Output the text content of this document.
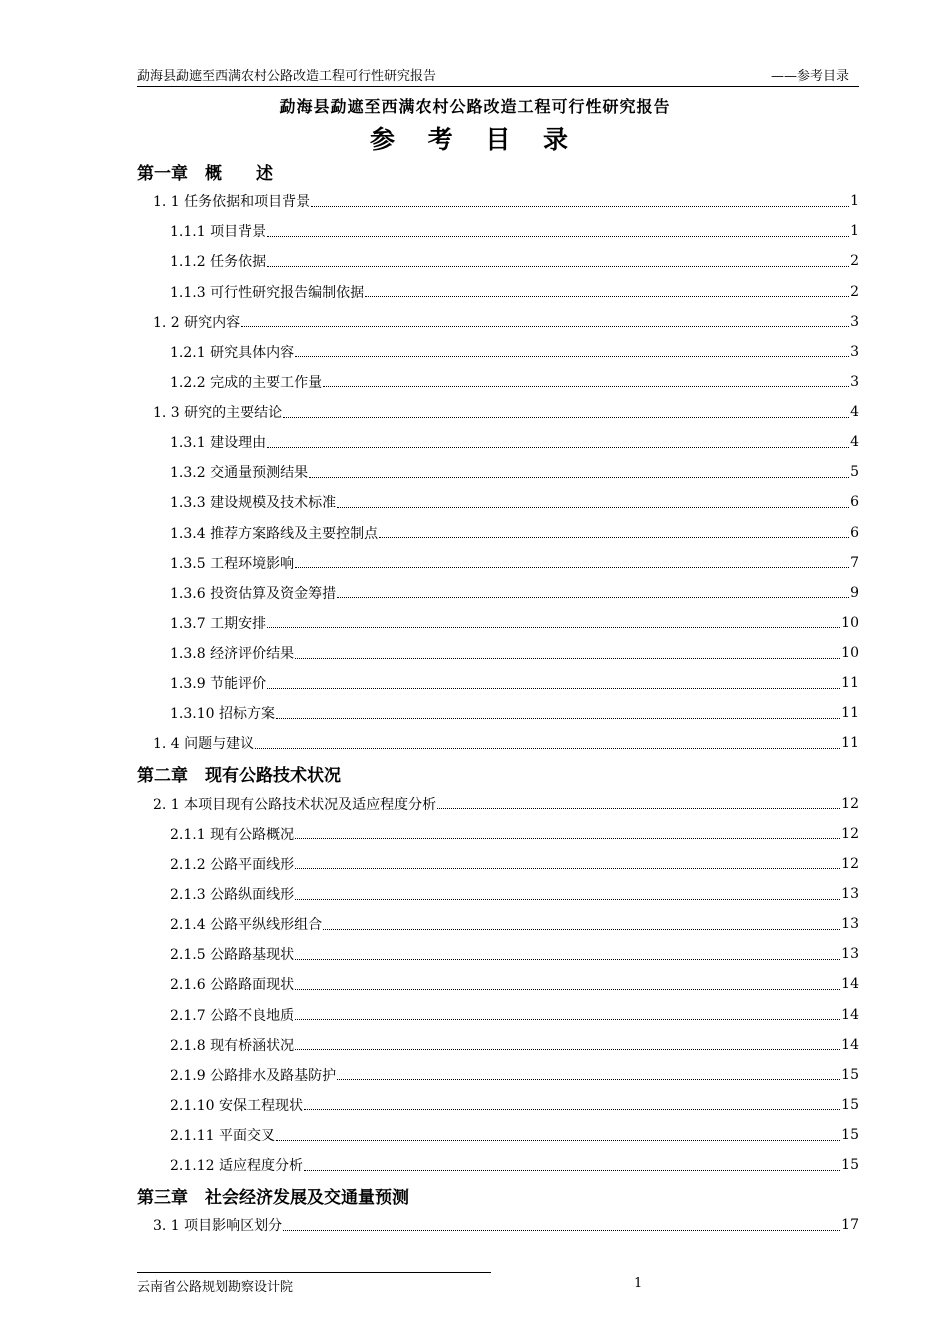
勐海县勐遮至西满农村公路改造工程可行性研究报告	——参考目录
勐海县勐遮至西满农村公路改造工程可行性研究报告
参 考 目 录
第一章　概　　述
1. 1 任务依据和项目背景	1
1.1.1 项目背景	1
1.1.2 任务依据	2
1.1.3 可行性研究报告编制依据	2
1. 2 研究内容	3
1.2.1 研究具体内容	3
1.2.2 完成的主要工作量	3
1. 3 研究的主要结论	4
1.3.1 建设理由	4
1.3.2 交通量预测结果	5
1.3.3 建设规模及技术标准	6
1.3.4 推荐方案路线及主要控制点	6
1.3.5 工程环境影响	7
1.3.6 投资估算及资金筹措	9
1.3.7 工期安排	10
1.3.8 经济评价结果	10
1.3.9 节能评价	11
1.3.10 招标方案	11
1. 4 问题与建议	11
第二章　现有公路技术状况
2. 1 本项目现有公路技术状况及适应程度分析	12
2.1.1 现有公路概况	12
2.1.2 公路平面线形	12
2.1.3 公路纵面线形	13
2.1.4 公路平纵线形组合	13
2.1.5 公路路基现状	13
2.1.6 公路路面现状	14
2.1.7 公路不良地质	14
2.1.8 现有桥涵状况	14
2.1.9 公路排水及路基防护	15
2.1.10 安保工程现状	15
2.1.11 平面交叉	15
2.1.12 适应程度分析	15
第三章　社会经济发展及交通量预测
3. 1 项目影响区划分	17
云南省公路规划勘察设计院	1
